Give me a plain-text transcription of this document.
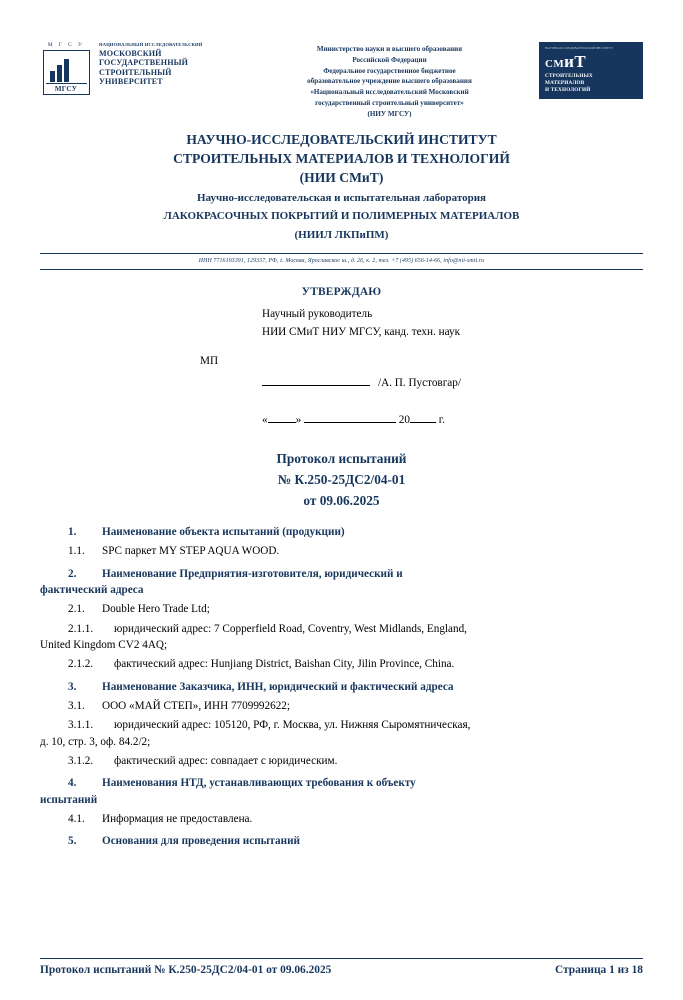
М Г С У
МГСУ
НАЦИОНАЛЬНЫЙ ИССЛЕДОВАТЕЛЬСКИЙ
МОСКОВСКИЙ
ГОСУДАРСТВЕННЫЙ
СТРОИТЕЛЬНЫЙ
УНИВЕРСИТЕТ
Министерство науки и высшего образования
Российской Федерации
Федеральное государственное бюджетное
образовательное учреждение высшего образования
«Национальный исследовательский Московский
государственный строительный университет»
(НИУ МГСУ)
НАУЧНО-ИССЛЕДОВАТЕЛЬСКИЙ ИНСТИТУТ
СМиТ
СТРОИТЕЛЬНЫХ
МАТЕРИАЛОВ
И ТЕХНОЛОГИЙ
НАУЧНО-ИССЛЕДОВАТЕЛЬСКИЙ ИНСТИТУТ
СТРОИТЕЛЬНЫХ МАТЕРИАЛОВ И ТЕХНОЛОГИЙ
(НИИ СМиТ)
Научно-исследовательская и испытательная лаборатория
ЛАКОКРАСОЧНЫХ ПОКРЫТИЙ И ПОЛИМЕРНЫХ МАТЕРИАЛОВ
(НИИЛ ЛКПиПМ)
ИНН 7716103391, 129337, РФ, г. Москва, Ярославское ш., д. 26, к. 2, тел. +7 (495) 656-14-66, info@nii-smit.ru
УТВЕРЖДАЮ
Научный руководитель
НИИ СМиТ НИУ МГСУ, канд. техн. наук
МП
/А. П. Пустовгар/
«	»	20	г.
Протокол испытаний
№ К.250-25ДС2/04-01
от 09.06.2025
1.	Наименование объекта испытаний (продукции)
1.1.	SPC паркет MY STEP AQUA WOOD.
2.	Наименование Предприятия-изготовителя, юридический и
фактический адреса
2.1.	Double Hero Trade Ltd;
2.1.1.	юридический адрес: 7 Copperfield Road, Coventry, West Midlands, England,
United Kingdom CV2 4AQ;
2.1.2.	фактический адрес: Hunjiang District, Baishan City, Jilin Province, China.
3.	Наименование Заказчика, ИНН, юридический и фактический адреса
3.1.	ООО «МАЙ СТЕП», ИНН 7709992622;
3.1.1.	юридический адрес: 105120, РФ, г. Москва, ул. Нижняя Сыромятническая,
д. 10, стр. 3, оф. 84.2/2;
3.1.2.	фактический адрес: совпадает с юридическим.
4.	Наименования НТД, устанавливающих требования к объекту
испытаний
4.1.	Информация не предоставлена.
5.	Основания для проведения испытаний
Протокол испытаний № К.250-25ДС2/04-01 от 09.06.2025	Страница 1 из 18
